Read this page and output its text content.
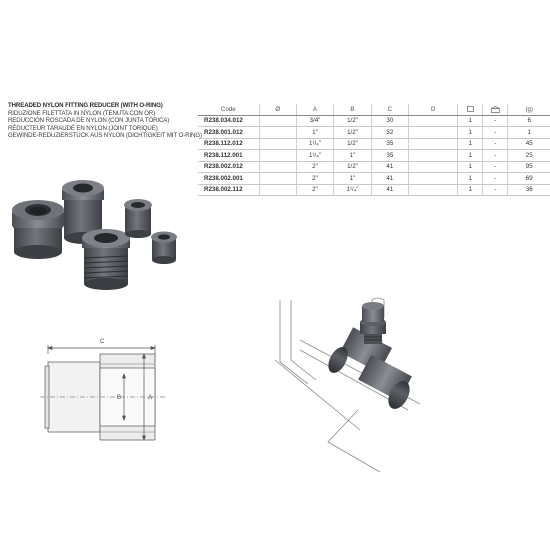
THREADED NYLON FITTING REDUCER (WITH O-RING)
RIDUZIONE FILETTATA IN NYLON (TENUTA CON OR)
REDUCCIÓN ROSCADA DE NYLON (CON JUNTA TÓRICA)
RÉDUCTEUR TARAUDÉ EN NYLON (JOINT TORIQUE)
GEWINDE-REDUZIERSTÜCK AUS NYLON (DICHTIGKEIT MIT O-RING)
Code	Ø	A	B	C	D			(g)
R238.034.012		3/4"	1/2"	30		1	-	6
R238.001.012		1"	1/2"	32		1	-	1
R238.112.012		1¹/₄"	1/2"	35		1	-	45
R238.112.001		1¹/₄"	1"	35		1	-	25
R238.002.012		2"	1/2"	41		1	-	95
R238.002.001		2"	1"	41		1	-	69
R238.002.112		2"	1¹/₄"	41		1	-	36
C
B	A
